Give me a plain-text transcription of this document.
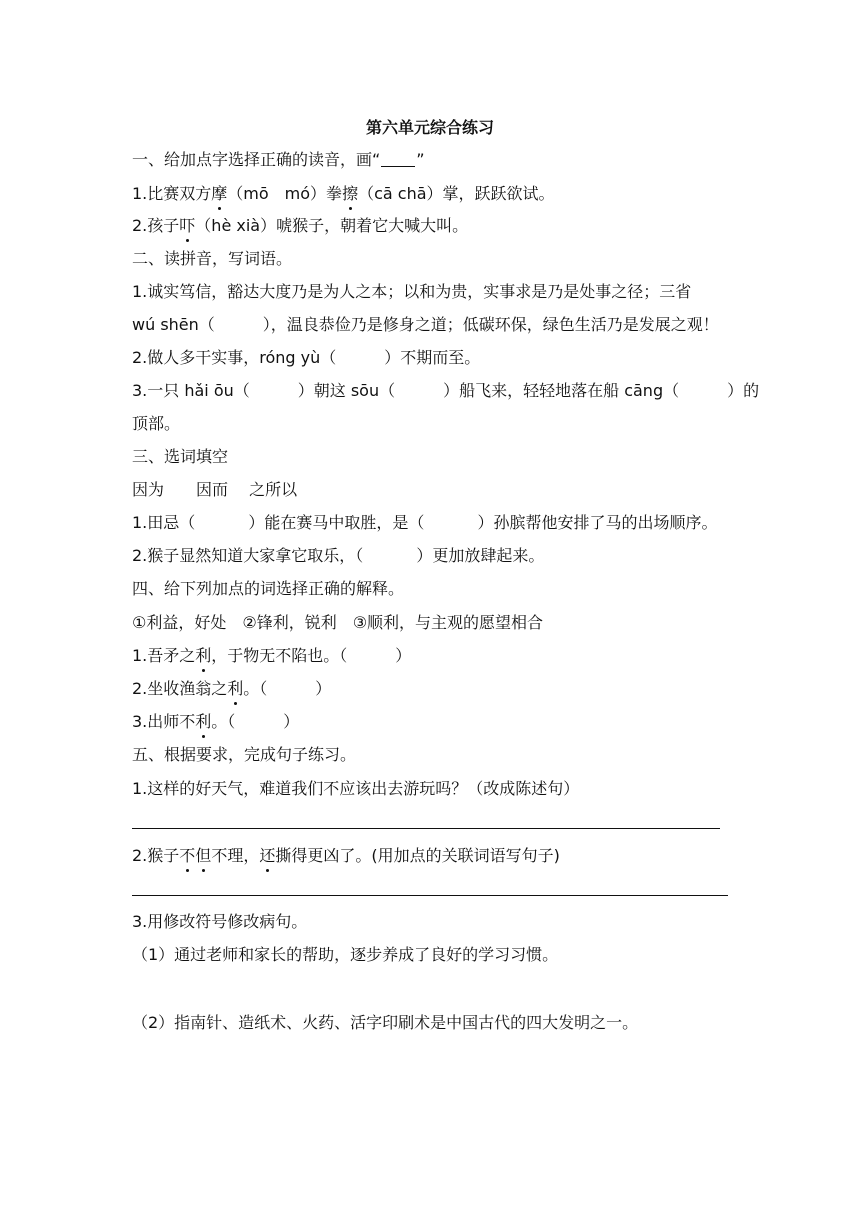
第六单元综合练习
一、给加点字选择正确的读音，画“ ”
1.比赛双方摩（mō　mó）拳擦（cā chā）掌，跃跃欲试。
2.孩子吓（hè xià）唬猴子，朝着它大喊大叫。
二、读拼音，写词语。
1.诚实笃信，豁达大度乃是为人之本；以和为贵，实事求是乃是处事之径；三省
wú shēn（　　　），温良恭俭乃是修身之道；低碳环保，绿色生活乃是发展之观！
2.做人多干实事，róng yù（　　　）不期而至。
3.一只 hǎi ōu（　　　）朝这 sōu（　　　）船飞来，轻轻地落在船 cāng（　　　）的
顶部。
三、选词填空
因为　　因而　 之所以
1.田忌（　　　 ）能在赛马中取胜，是（　　　 ）孙膑帮他安排了马的出场顺序。
2.猴子显然知道大家拿它取乐，（　　　 ）更加放肆起来。
四、给下列加点的词选择正确的解释。
①利益，好处　②锋利，锐利　③顺利，与主观的愿望相合
1.吾矛之利，于物无不陷也。（　　　）
2.坐收渔翁之利。（　　　）
3.出师不利。（　　　）
五、根据要求，完成句子练习。
1.这样的好天气，难道我们不应该出去游玩吗？（改成陈述句）
2.猴子不但不理，还撕得更凶了。(用加点的关联词语写句子)
3.用修改符号修改病句。
（1）通过老师和家长的帮助，逐步养成了良好的学习习惯。
（2）指南针、造纸术、火药、活字印刷术是中国古代的四大发明之一。
